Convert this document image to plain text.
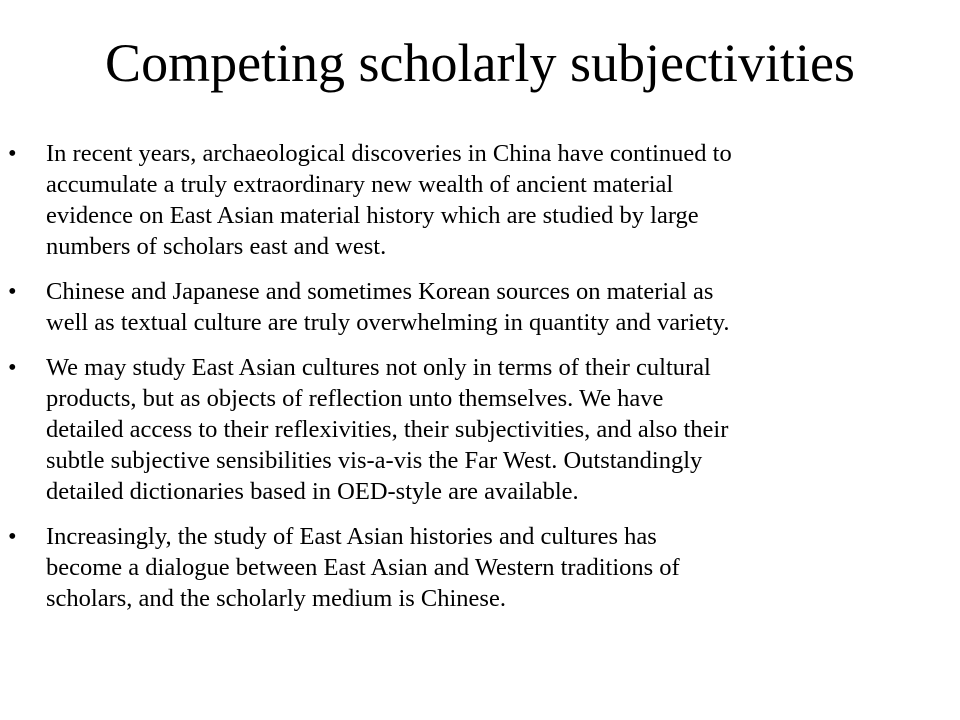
Competing scholarly subjectivities
•	In recent years, archaeological discoveries in China have continued to
accumulate a truly extraordinary new wealth of ancient material
evidence on East Asian material history which are studied by large
numbers of scholars east and west.
•	Chinese and Japanese and sometimes Korean sources on material as
well as textual culture are truly overwhelming in quantity and variety.
•	We may study East Asian cultures not only in terms of their cultural
products, but as objects of reflection unto themselves. We have
detailed access to their reflexivities, their subjectivities, and also their
subtle subjective sensibilities vis-a-vis the Far West. Outstandingly
detailed dictionaries based in OED-style are available.
•	Increasingly, the study of East Asian histories and cultures has
become a dialogue between East Asian and Western traditions of
scholars, and the scholarly medium is Chinese.
